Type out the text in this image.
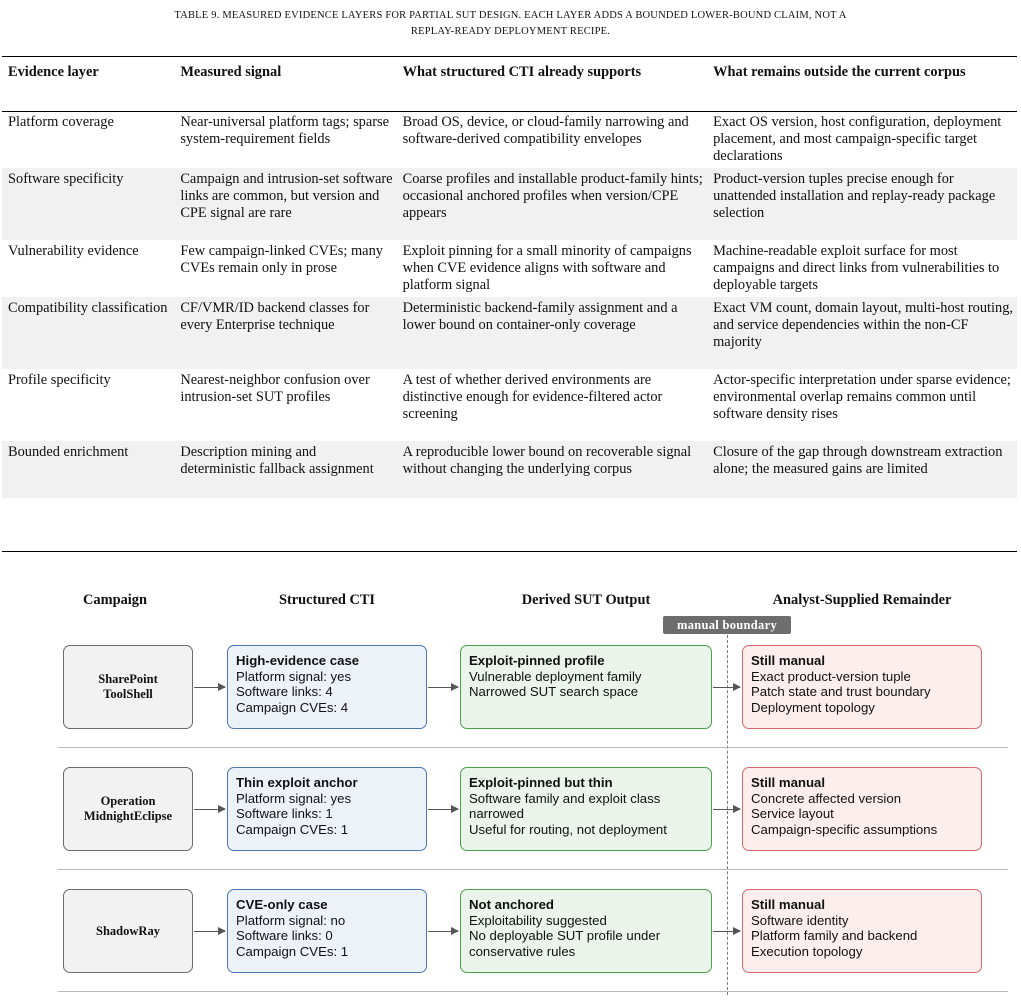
TABLE 9. MEASURED EVIDENCE LAYERS FOR PARTIAL SUT DESIGN. EACH LAYER ADDS A BOUNDED LOWER-BOUND CLAIM, NOT A
REPLAY-READY DEPLOYMENT RECIPE.
Evidence layer	Measured signal	What structured CTI already supports	What remains outside the current corpus
Platform coverage	Near-universal platform tags; sparse system-requirement fields	Broad OS, device, or cloud-family narrowing and software-derived compatibility envelopes	Exact OS version, host configuration, deployment placement, and most campaign-specific target declarations
Software specificity	Campaign and intrusion-set software links are common, but version and CPE signal are rare	Coarse profiles and installable product-family hints; occasional anchored profiles when version/CPE appears	Product-version tuples precise enough for unattended installation and replay-ready package selection
Vulnerability evidence	Few campaign-linked CVEs; many CVEs remain only in prose	Exploit pinning for a small minority of campaigns when CVE evidence aligns with software and platform signal	Machine-readable exploit surface for most campaigns and direct links from vulnerabilities to deployable targets
Compatibility classification	CF/VMR/ID backend classes for every Enterprise technique	Deterministic backend-family assignment and a lower bound on container-only coverage	Exact VM count, domain layout, multi-host routing, and service dependencies within the non-CF majority
Profile specificity	Nearest-neighbor confusion over intrusion-set SUT profiles	A test of whether derived environments are distinctive enough for evidence-filtered actor screening	Actor-specific interpretation under sparse evidence; environmental overlap remains common until software density rises
Bounded enrichment	Description mining and deterministic fallback assignment	A reproducible lower bound on recoverable signal without changing the underlying corpus	Closure of the gap through downstream extraction alone; the measured gains are limited
Campaign	Structured CTI	Derived SUT Output	Analyst-Supplied Remainder
manual boundary
SharePoint
ToolShell
High-evidence case
Platform signal: yes
Software links: 4
Campaign CVEs: 4
Exploit-pinned profile
Vulnerable deployment family
Narrowed SUT search space
Still manual
Exact product-version tuple
Patch state and trust boundary
Deployment topology
Operation
MidnightEclipse
Thin exploit anchor
Platform signal: yes
Software links: 1
Campaign CVEs: 1
Exploit-pinned but thin
Software family and exploit class
narrowed
Useful for routing, not deployment
Still manual
Concrete affected version
Service layout
Campaign-specific assumptions
ShadowRay
CVE-only case
Platform signal: no
Software links: 0
Campaign CVEs: 1
Not anchored
Exploitability suggested
No deployable SUT profile under
conservative rules
Still manual
Software identity
Platform family and backend
Execution topology
